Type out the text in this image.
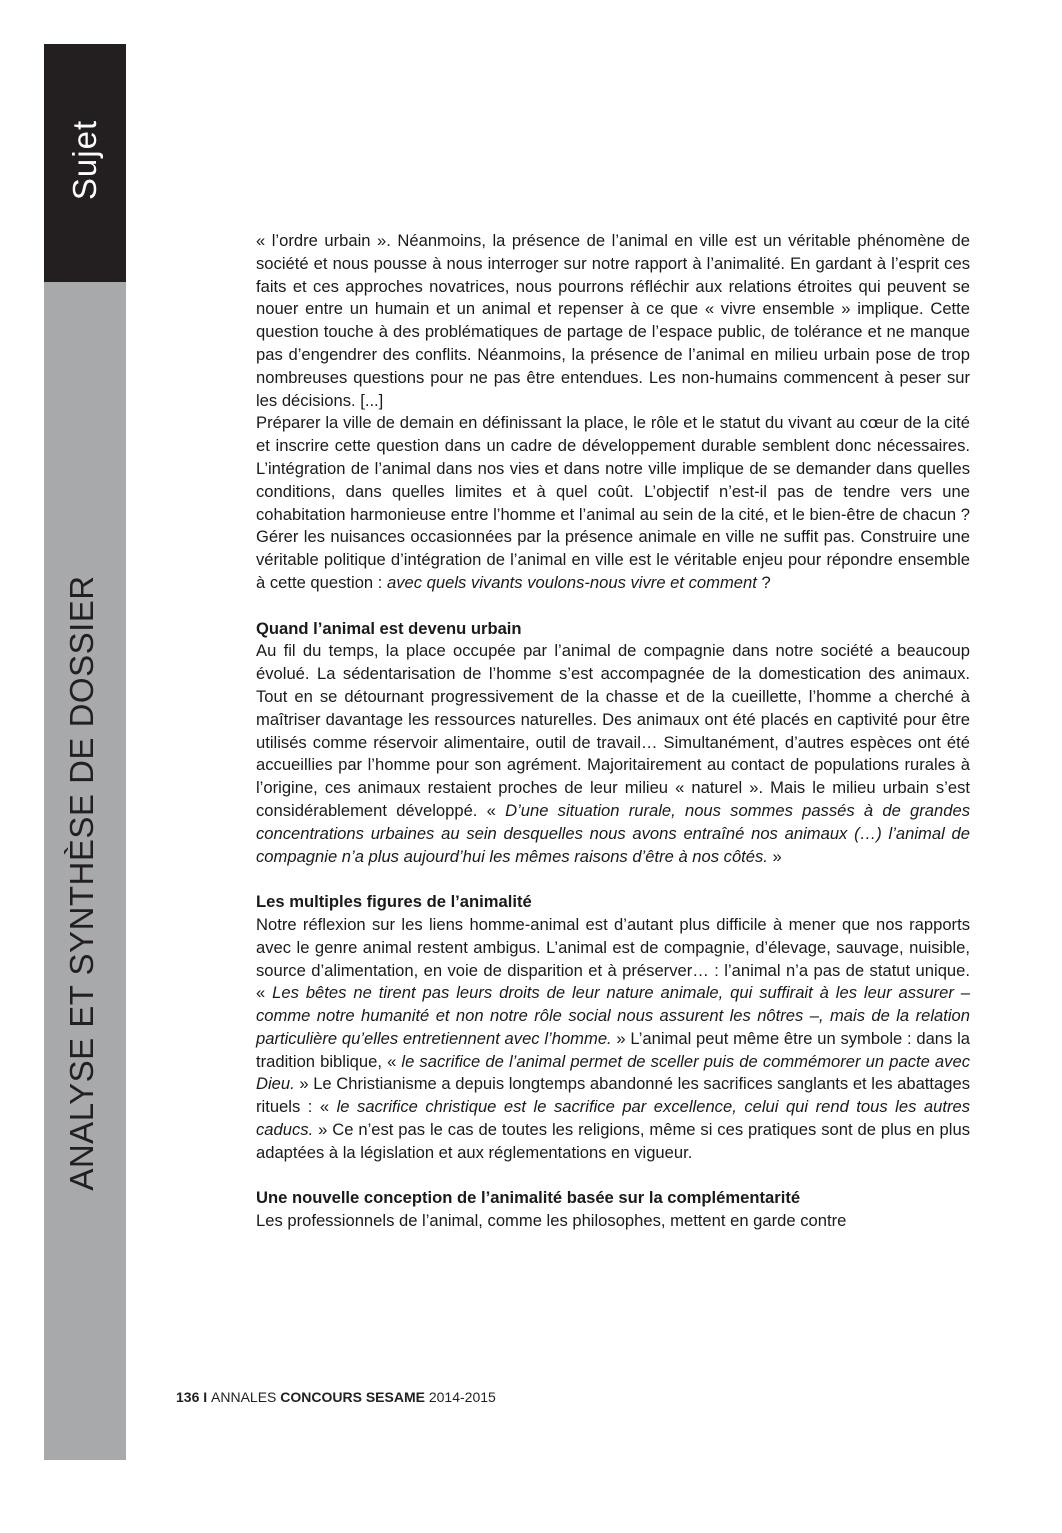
Sujet
ANALYSE ET SYNTHÈSE DE DOSSIER

« l’ordre urbain ». Néanmoins, la présence de l’animal en ville est un véritable phénomène de société et nous pousse à nous interroger sur notre rapport à l’animalité. En gardant à l’esprit ces faits et ces approches novatrices, nous pourrons réfléchir aux relations étroites qui peuvent se nouer entre un humain et un animal et repenser à ce que « vivre ensemble » implique. Cette question touche à des problématiques de partage de l’espace public, de tolérance et ne manque pas d’engendrer des conflits. Néanmoins, la présence de l’animal en milieu urbain pose de trop nombreuses questions pour ne pas être entendues. Les non-humains commencent à peser sur les décisions. [...]

Préparer la ville de demain en définissant la place, le rôle et le statut du vivant au cœur de la cité et inscrire cette question dans un cadre de développement durable semblent donc nécessaires. L’intégration de l’animal dans nos vies et dans notre ville implique de se demander dans quelles conditions, dans quelles limites et à quel coût. L’objectif n’est-il pas de tendre vers une cohabitation harmonieuse entre l’homme et l’animal au sein de la cité, et le bien-être de chacun ? Gérer les nuisances occasionnées par la présence animale en ville ne suffit pas. Construire une véritable politique d’intégration de l’animal en ville est le véritable enjeu pour répondre ensemble à cette question : avec quels vivants voulons-nous vivre et comment ?

Quand l’animal est devenu urbain

Au fil du temps, la place occupée par l’animal de compagnie dans notre société a beaucoup évolué. La sédentarisation de l’homme s’est accompagnée de la domestication des animaux. Tout en se détournant progressivement de la chasse et de la cueillette, l’homme a cherché à maîtriser davantage les ressources naturelles. Des animaux ont été placés en captivité pour être utilisés comme réservoir alimentaire, outil de travail… Simultanément, d’autres espèces ont été accueillies par l’homme pour son agrément. Majoritairement au contact de populations rurales à l’origine, ces animaux restaient proches de leur milieu « naturel ». Mais le milieu urbain s’est considérablement développé. « D’une situation rurale, nous sommes passés à de grandes concentrations urbaines au sein desquelles nous avons entraîné nos animaux (…) l’animal de compagnie n’a plus aujourd’hui les mêmes raisons d’être à nos côtés. »

Les multiples figures de l’animalité

Notre réflexion sur les liens homme-animal est d’autant plus difficile à mener que nos rapports avec le genre animal restent ambigus. L’animal est de compagnie, d’élevage, sauvage, nuisible, source d’alimentation, en voie de disparition et à préserver… : l’animal n’a pas de statut unique. « Les bêtes ne tirent pas leurs droits de leur nature animale, qui suffirait à les leur assurer – comme notre humanité et non notre rôle social nous assurent les nôtres –, mais de la relation particulière qu’elles entretiennent avec l’homme. » L’animal peut même être un symbole : dans la tradition biblique, « le sacrifice de l’animal permet de sceller puis de commémorer un pacte avec Dieu. » Le Christianisme a depuis longtemps abandonné les sacrifices sanglants et les abattages rituels : « le sacrifice christique est le sacrifice par excellence, celui qui rend tous les autres caducs. » Ce n’est pas le cas de toutes les religions, même si ces pratiques sont de plus en plus adaptées à la législation et aux réglementations en vigueur.

Une nouvelle conception de l’animalité basée sur la complémentarité

Les professionnels de l’animal, comme les philosophes, mettent en garde contre

136 I ANNALES CONCOURS SESAME 2014-2015
